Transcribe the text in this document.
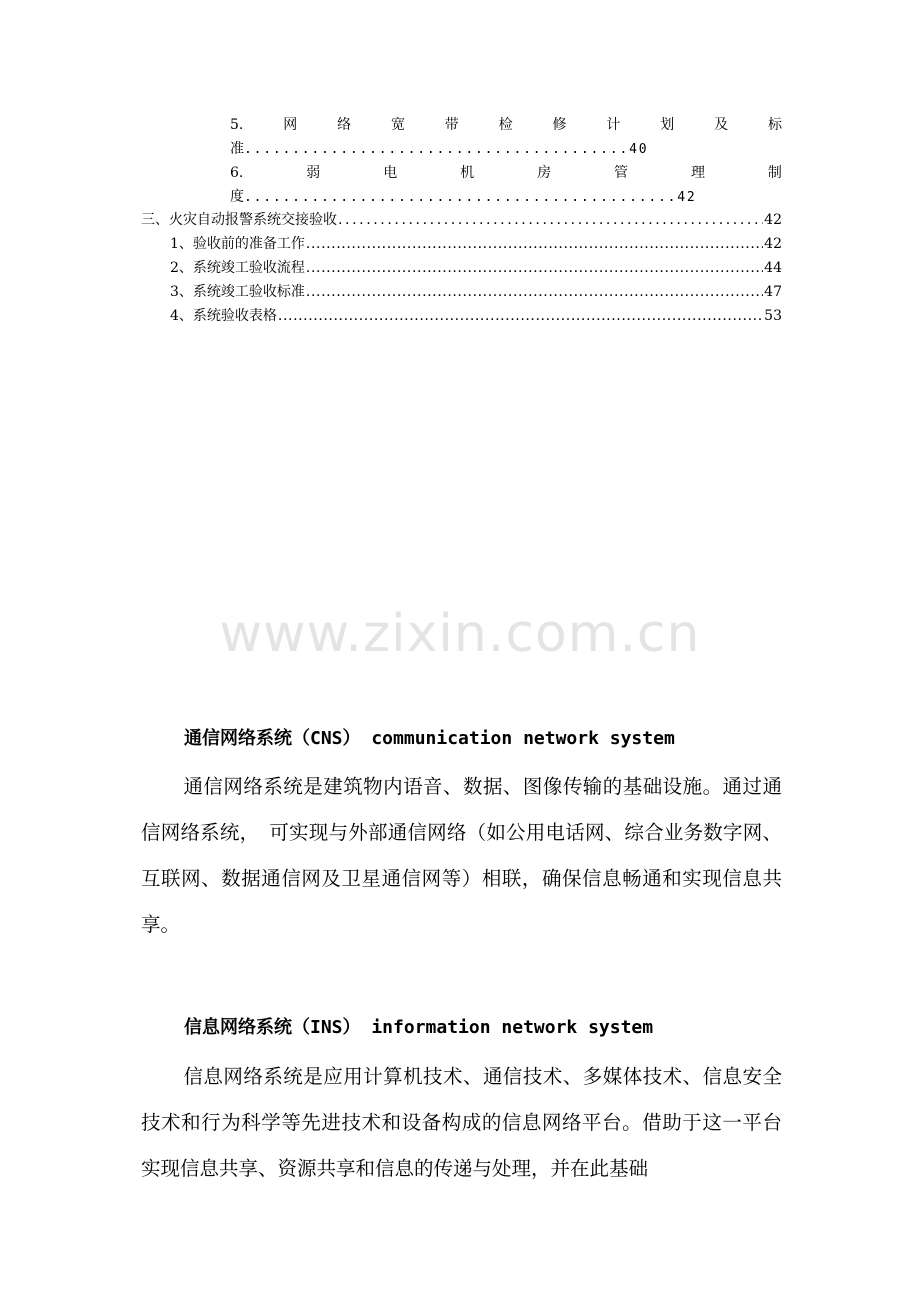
5.	网	络	宽	带	检	修	计	划	及	标
准........................................40
6.	弱	电	机	房	管	理	制
度.............................................42
三、火灾自动报警系统交接验收 .....	42
1、验收前的准备工作 .....	42
2、系统竣工验收流程 .....	44
3、系统竣工验收标准 .....	47
4、系统验收表格 .....	53
www.zixin.com.cn
通信网络系统（CNS） communication network system
通信网络系统是建筑物内语音、数据、图像传输的基础设施。通过通信网络系统，　可实现与外部通信网络（如公用电话网、综合业务数字网、互联网、数据通信网及卫星通信网等）相联，确保信息畅通和实现信息共享。
信息网络系统（INS） information network system
信息网络系统是应用计算机技术、通信技术、多媒体技术、信息安全技术和行为科学等先进技术和设备构成的信息网络平台。借助于这一平台实现信息共享、资源共享和信息的传递与处理，并在此基础
